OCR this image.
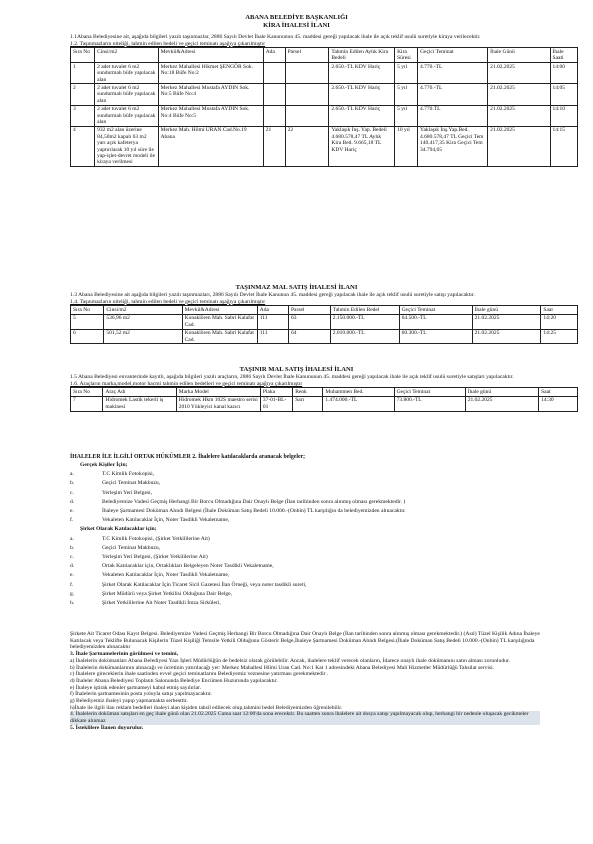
ABANA BELEDİYE BAŞKANLIĞI
KİRA İHALESİ İLANI
1.1Abana Belediyesine ait, aşağıda bilgileri yazılı taşınmazlar, 2886 Sayılı Devlet İhale Kanununun 45. maddesi gereği yapılacak ihale ile açık teklif usulü suretiyle kiraya verilecektir.
1.2. Taşınmazların niteliği, tahmin edilen bedeli ve geçici teminatı aşağıya çıkarılmıştır
Sıra No	Cinsi/m2	Mevkii&Adresi	Ada	Parsel	Tahmin Edilen Aylık Kira Bedeli	Kira Süresi	Geçici Teminat	İhale Günü	İhale Saati
1	2 adet tuvalet 6 m2 sundurmalı büfe yapılacak alan	Merkez Mahallesi Hikmet ŞENGÖR Sok. No:18 Büfe No:2			2.650.-TL KDV Hariç	5 yıl	4.770.-TL	21.02.2025	14:00
2	2 adet tuvalet 6 m2 sundurmalı büfe yapılacak alan	Merkez Mahallesi Mustafa AYDIN Sok. No:5 Büfe No:4			2.650.-TL KDV Hariç	5 yıl	4.770.-TL	21.02.2025	14:05
3	2 adet tuvalet 6 m2 sundurmalı büfe yapılacak alan	Merkez Mahallesi Mustafa AYDIN Sok. No:4 Büfe No:5			2.650.-TL KDV Hariç	5 yıl	4.770.TL	21.02.2025	14:10
4	932 m2 alan üzerine 84,50m2 kapalı 63 m2 yarı açık kafeterya yaptırılarak 10 yıl süre ile yap-işlet-devret modeli ile kiraya verilmesi	Merkez Mah. Hilmi URAN Cad.No.19 Abana	21	22	Yaklaşık İnş. Yap. Bedeli 4.680.578,47 TL Aylık Kira Bed. 9.665,18 TL KDV Hariç	10 yıl	Yaklaşık İnş.Yap.Bed. 4.680.578,47 TL Geçici Tem 140.417,35 Kira Geçici Tem 34.794,65	21.02.2025	14:15
TAŞINMAZ MAL SATIŞ İHALESİ İLANI
1.3 Abana Belediyesine ait aşağıda bilgileri yazılı taşınmazları, 2886 Sayılı Devlet İhale Kanunun 45. maddesi gereği yapılacak ihale ile açık teklif usulü suretiyle satışı yapılacaktır.
1.4. Taşınmazların niteliği, tahmin edilen bedeli ve geçici teminatı aşağıya çıkarılmıştır
Sıra No	Cinsi/m2	Mevkii&Adresi	Ada	Parsel	Tahmin Edilen Bedel	Geçici Teminat	İhale günü	Saat
5	536,96 m2	Konaklören Mah. Sabri Kalafat Cad.	111	63	2.150.000.-TL	64.500.-TL	21.02.2025	14:20
6	501,52 m2	Konaklören Mah. Sabri Kalafat Cad.	111	64	2.010.000.-TL	60.300.-TL	21.02.2025	14:25
TAŞINIR MAL SATIŞ İHALESİ İLANI
1.5 Abana Belediyesi envanterinde kayıtlı, aşağıda bilgileri yazılı araçların, 2886 Sayılı Devlet İhale Kanununun 45. maddesi gereği yapılacak ihale ile açık teklif usulü suretiyle satışları yapılacaktır.
1.6. Araçların marka,model,motor hacmi tahmin edilen bedelleri ve geçici teminatı aşağıya çıkarılmıştır
Sıra No	Araç Adı	Marka Model	Plaka	Renk	Muhammen Bed.	Geçici Teminat	İhale günü	Saat
7	Hidromek Lastik tekerli iş makinesi	Hidromek Hkm 102S maestro serisi 2010 Yükleyici kanal kazıcı	37-01-BL-01	Sarı	1.474.000.-TL	73.800.-TL	21.02.2025	14:30
İHALELER İLE İLGİLİ ORTAK HÜKÜMLER 2. İhalelere katılacaklarda aranacak belgeler;
Gerçek Kişiler İçin;
a.	T.C Kimlik Fotokopisi,
b.	Geçici Teminat Makbuzu,
c.	Yerleşim Yeri Belgesi,
d.	Belediyemize Vadesi Geçmiş Herhangi Bir Borcu Olmadığına Dair Onaylı Belge (İlan tarihinden sonra alınmış olması gerekmektedir. )
e.	İhaleye Şartnamesi Doküman Alındı Belgesi (İhale Doküman Satış Bedeli 10.000.-(Onbin) TL karşılığın da belediyemizden alınacaktır.
f.	Vekaleten Katılacaklar İçin, Noter Tasdikli Vekaletname,
Şirket Olarak Katılacaklar için;
a.	T.C Kimlik Fotokopisi, (Şirket Yetkililerine Ait)
b.	Geçici Teminat Makbuzu,
c.	Yerleşim Yeri Belgesi, (Şirket Yetkililerine Ait)
d.	Ortak Katılacaklar için, Ortaklıkları Belgeleyen Noter Tasdikli Vekaletname,
e.	Vekaleten Katılacaklar İçin, Noter Tasdikli Vekaletname,
f.	Şirket Olarak Katılacaklar İçin Ticaret Sicil Gazetesi İlan Örneği, veya noter tasdikli sureti,
g.	Şirket Müdürü veya Şirket Yetkilisi Olduğuna Dair Belge,
h.	Şirket Yetkililerine Ait Noter Tasdikli İmza Sirküleri,
Şirkete Ait Ticaret Odası Kayıt Belgesi. Belediyemize Vadesi Geçmiş Herhangi Bir Borcu Olmadığına Dair Onaylı Belge (İlan tarihinden sonra alınmış olması gerekmektedir.) (Asıl) Tüzel Kişilik Adına İhaleye Katılacak veya Teklifte Bulunacak Kişilerin Tüzel Kişiliği Temsile Yetkili Olduğunu Gösterir Belge,İhaleye Şartnamesi Doküman Alındı Belgesi.(İhale Doküman Satış Bedeli 10.000.-(Onbin) TL karşılığında belediyemizden alınacaktır
3. İhale Şartnamelerinin görülmesi ve temini,
a) İhalelerin dokümanları Abana Belediyesi Yazı İşleri Müdürlüğün de bedelsiz olarak görülebilir. Ancak, ihalelere teklif verecek olanların, İdarece onaylı ihale dokümanını satın alması zorunludur.
b) İhalelerin dokümanlarının alınacağı ve ücretinin yatırılacağı yer: Merkez Mahallesi Hilmi Uran Cad. No:1 Kat 1 adresindeki Abana Belediyesi Mali Hizmetler Müdürlüğü Tahsilat servisi.
c) İhalelere gireceklerin ihale saatinden evvel geçici teminatlarını Belediyemiz veznesine yatırması gerekmektedir .
d) İhaleler Abana Belediyesi Toplantı Salonunda Belediye Encümen Huzurunda yapılacaktır.
e) İhaleye iştirak edenler şartnameyi kabul etmiş sayılırlar.
f) İhalelerin şartnamesinin posta yoluyla satışı yapılmayacaktır.
g) Belediyemiz ihaleyi yapıp yapmamakta serbesttir.
h)İhale ile ilgili ilan reklam bedelleri ihaleyi alan kişiden tahsil edilecek olup,tahmini bedel Belediyemizden öğrenilebilir.
4. İhalelerin doküman satışları en geç ihale günü olan 21.02.2025 Cuma saat 12:00'da sona erecektir. Bu saatten sonra ihalelere ait dosya satışı yapılmayacak olup, herhangi bir nedenle oluşacak gecikmeler dikkate alınmaz
5. İsteklilere İlanen duyurulur.
